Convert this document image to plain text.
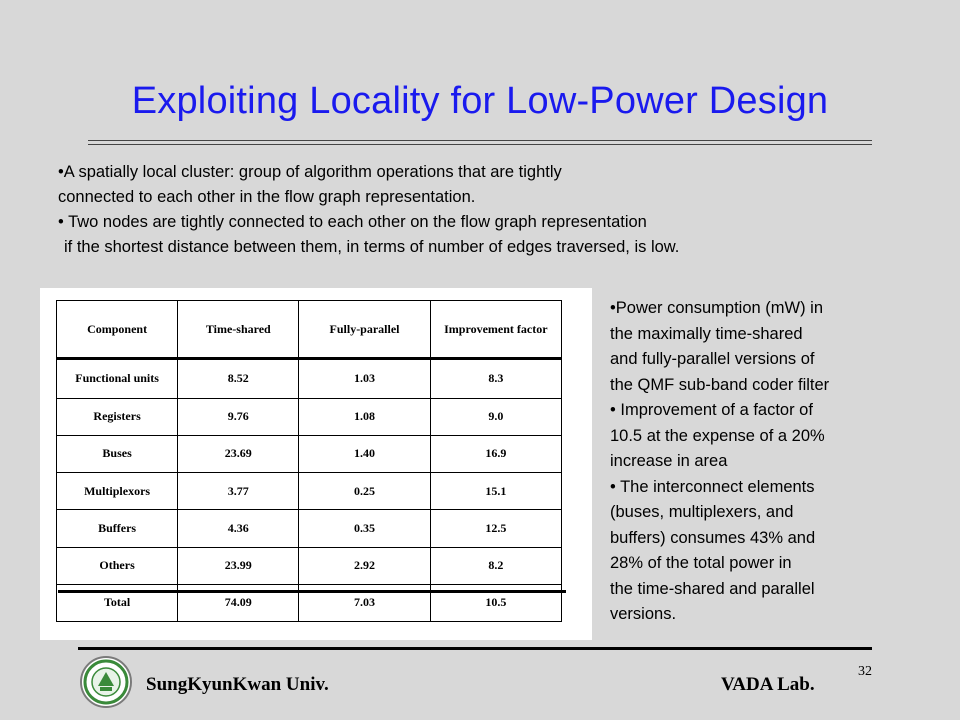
Exploiting Locality for Low-Power Design

•A spatially local cluster: group of algorithm operations that are tightly

connected to each other in the flow graph representation.

• Two nodes are tightly connected to each other on the flow graph representation

if the shortest distance between them, in terms of number of edges traversed, is low.

Component	Time-shared	Fully-parallel	Improvement factor
Functional units	8.52	1.03	8.3
Registers	9.76	1.08	9.0
Buses	23.69	1.40	16.9
Multiplexors	3.77	0.25	15.1
Buffers	4.36	0.35	12.5
Others	23.99	2.92	8.2
Total	74.09	7.03	10.5

•Power consumption (mW) in

the maximally time-shared

and fully-parallel versions of

the QMF sub-band coder filter

• Improvement of a factor of

10.5 at the expense of a 20%

increase in area

• The interconnect elements

(buses, multiplexers, and

buffers) consumes 43% and

28% of the total power in

the time-shared and parallel

versions.

SungKyunKwan Univ.	VADA Lab.
32
